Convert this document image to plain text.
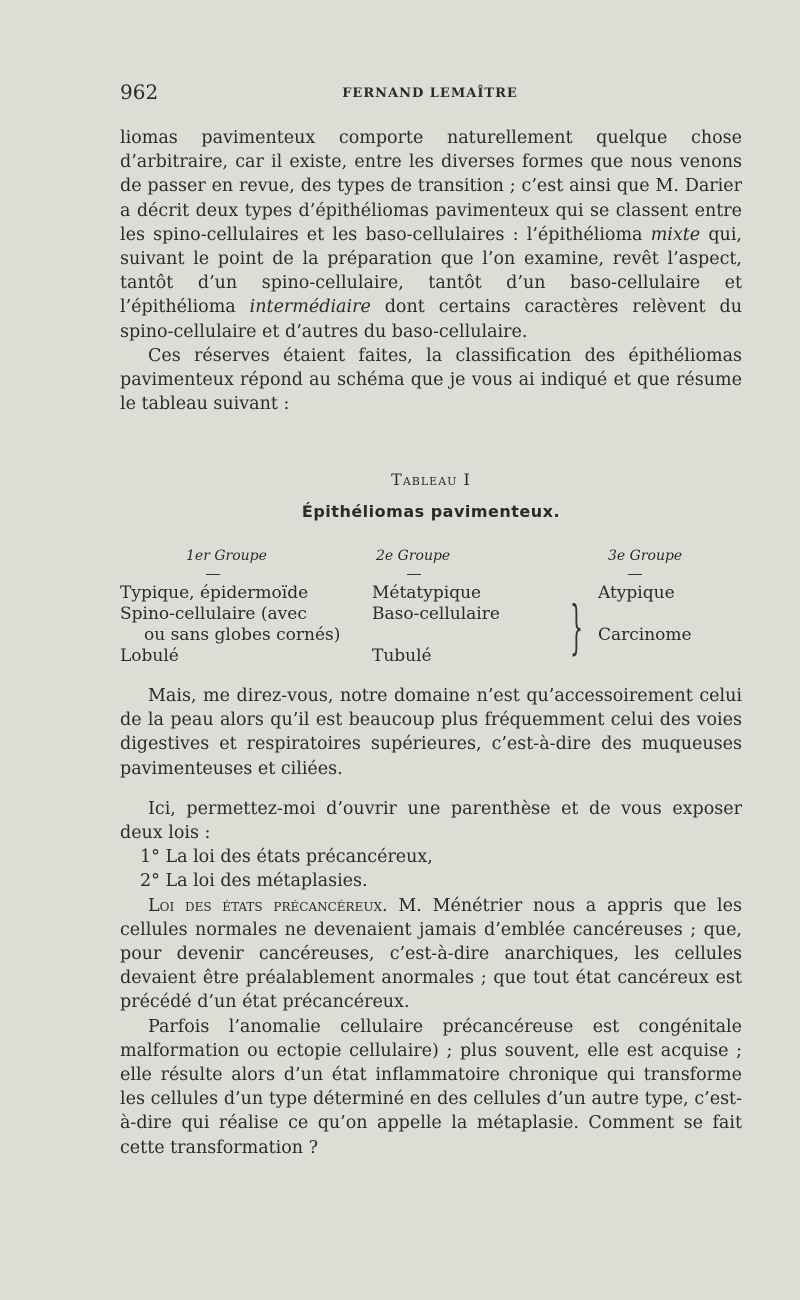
962	FERNAND LEMAÎTRE

liomas pavimenteux comporte naturellement quelque chose d’arbitraire, car il existe, entre les diverses formes que nous venons de passer en revue, des types de transition ; c’est ainsi que M. Darier a décrit deux types d’épithéliomas pavimenteux qui se classent entre les spino-cellulaires et les baso-cellulaires : l’épithélioma mixte qui, suivant le point de la préparation que l’on examine, revêt l’aspect, tantôt d’un spino-cellulaire, tantôt d’un baso-cellulaire et l’épithélioma intermédiaire dont certains caractères relèvent du spino-cellulaire et d’autres du baso-cellulaire.

Ces réserves étaient faites, la classification des épithéliomas pavimenteux répond au schéma que je vous ai indiqué et que résume le tableau suivant :

Tableau I
Épithéliomas pavimenteux.
1er Groupe
Typique, épidermoïde
Spino-cellulaire (avec
ou sans globes cornés)
Lobulé
2e Groupe
Métatypique
Baso-cellulaire
Tubulé	}
3e Groupe
Atypique
Carcinome

Mais, me direz-vous, notre domaine n’est qu’accessoirement celui de la peau alors qu’il est beaucoup plus fréquemment celui des voies digestives et respiratoires supérieures, c’est-à-dire des muqueuses pavimenteuses et ciliées.

Ici, permettez-moi d’ouvrir une parenthèse et de vous exposer deux lois :

1° La loi des états précancéreux,

2° La loi des métaplasies.

Loi des états précancéreux. M. Ménétrier nous a appris que les cellules normales ne devenaient jamais d’emblée cancéreuses ; que, pour devenir cancéreuses, c’est-à-dire anarchiques, les cellules devaient être préalablement anormales ; que tout état cancéreux est précédé d’un état précancéreux.

Parfois l’anomalie cellulaire précancéreuse est congénitale malformation ou ectopie cellulaire) ; plus souvent, elle est acquise ; elle résulte alors d’un état inflammatoire chronique qui transforme les cellules d’un type déterminé en des cellules d’un autre type, c’est-à-dire qui réalise ce qu’on appelle la métaplasie. Comment se fait cette transformation ?
